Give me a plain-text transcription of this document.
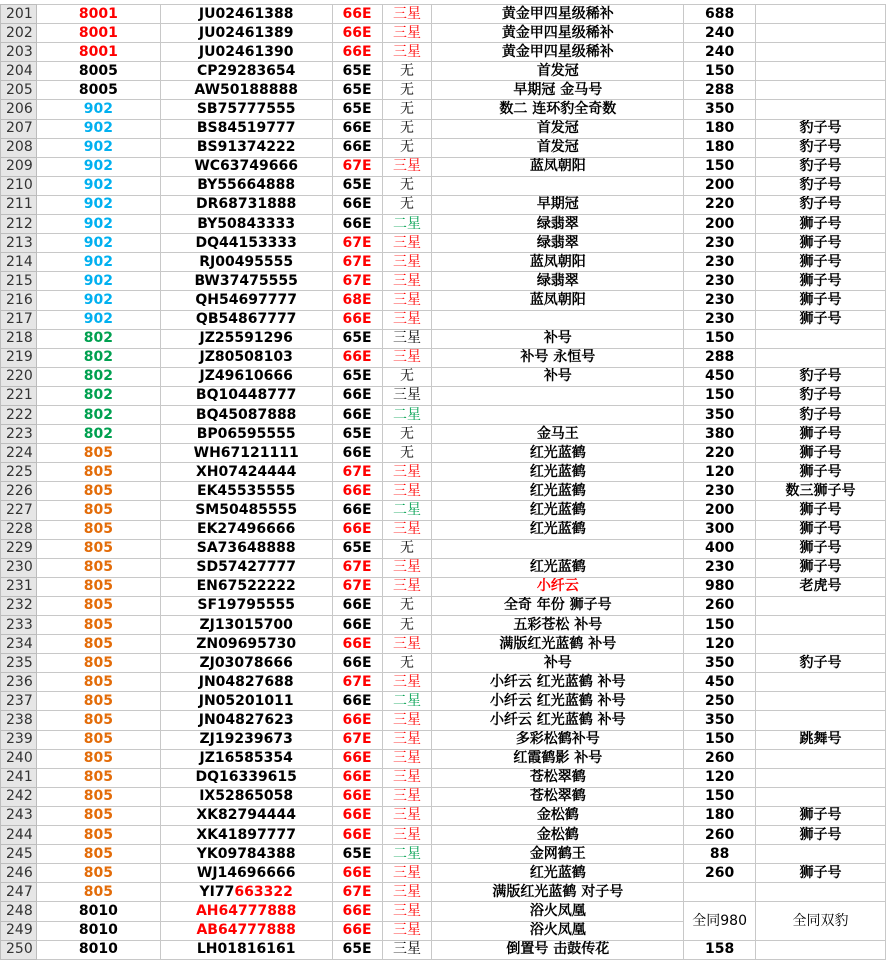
201	8001	JU02461388	66E	三星	黄金甲四星级稀补	688	
202	8001	JU02461389	66E	三星	黄金甲四星级稀补	240	
203	8001	JU02461390	66E	三星	黄金甲四星级稀补	240	
204	8005	CP29283654	65E	无	首发冠	150	
205	8005	AW50188888	65E	无	早期冠 金马号	288	
206	902	SB75777555	65E	无	数二 连环豹全奇数	350	
207	902	BS84519777	66E	无	首发冠	180	豹子号
208	902	BS91374222	66E	无	首发冠	180	豹子号
209	902	WC63749666	67E	三星	蓝凤朝阳	150	豹子号
210	902	BY55664888	65E	无		200	豹子号
211	902	DR68731888	66E	无	早期冠	220	豹子号
212	902	BY50843333	66E	二星	绿翡翠	200	狮子号
213	902	DQ44153333	67E	三星	绿翡翠	230	狮子号
214	902	RJ00495555	67E	三星	蓝凤朝阳	230	狮子号
215	902	BW37475555	67E	三星	绿翡翠	230	狮子号
216	902	QH54697777	68E	三星	蓝凤朝阳	230	狮子号
217	902	QB54867777	66E	三星		230	狮子号
218	802	JZ25591296	65E	三星	补号	150	
219	802	JZ80508103	66E	三星	补号 永恒号	288	
220	802	JZ49610666	65E	无	补号	450	豹子号
221	802	BQ10448777	66E	三星		150	豹子号
222	802	BQ45087888	66E	二星		350	豹子号
223	802	BP06595555	65E	无	金马王	380	狮子号
224	805	WH67121111	66E	无	红光蓝鹤	220	狮子号
225	805	XH07424444	67E	三星	红光蓝鹤	120	狮子号
226	805	EK45535555	66E	三星	红光蓝鹤	230	数三狮子号
227	805	SM50485555	66E	二星	红光蓝鹤	200	狮子号
228	805	EK27496666	66E	三星	红光蓝鹤	300	狮子号
229	805	SA73648888	65E	无		400	狮子号
230	805	SD57427777	67E	三星	红光蓝鹤	230	狮子号
231	805	EN67522222	67E	三星	小纤云	980	老虎号
232	805	SF19795555	66E	无	全奇 年份 狮子号	260	
233	805	ZJ13015700	66E	无	五彩苍松 补号	150	
234	805	ZN09695730	66E	三星	满版红光蓝鹤 补号	120	
235	805	ZJ03078666	66E	无	补号	350	豹子号
236	805	JN04827688	67E	三星	小纤云 红光蓝鹤 补号	450	
237	805	JN05201011	66E	二星	小纤云 红光蓝鹤 补号	250	
238	805	JN04827623	66E	三星	小纤云 红光蓝鹤 补号	350	
239	805	ZJ19239673	67E	三星	多彩松鹤补号	150	跳舞号
240	805	JZ16585354	66E	三星	红霞鹤影 补号	260	
241	805	DQ16339615	66E	三星	苍松翠鹤	120	
242	805	IX52865058	66E	三星	苍松翠鹤	150	
243	805	XK82794444	66E	三星	金松鹤	180	狮子号
244	805	XK41897777	66E	三星	金松鹤	260	狮子号
245	805	YK09784388	65E	二星	金网鹤王	88	
246	805	WJ14696666	66E	三星	红光蓝鹤	260	狮子号
247	805	YI77663322	67E	三星	满版红光蓝鹤 对子号		
248	8010	AH64777888	66E	三星	浴火凤凰	全同980	全同双豹
249	8010	AB64777888	66E	三星	浴火凤凰		
250	8010	LH01816161	65E	三星	倒置号 击鼓传花	158	
